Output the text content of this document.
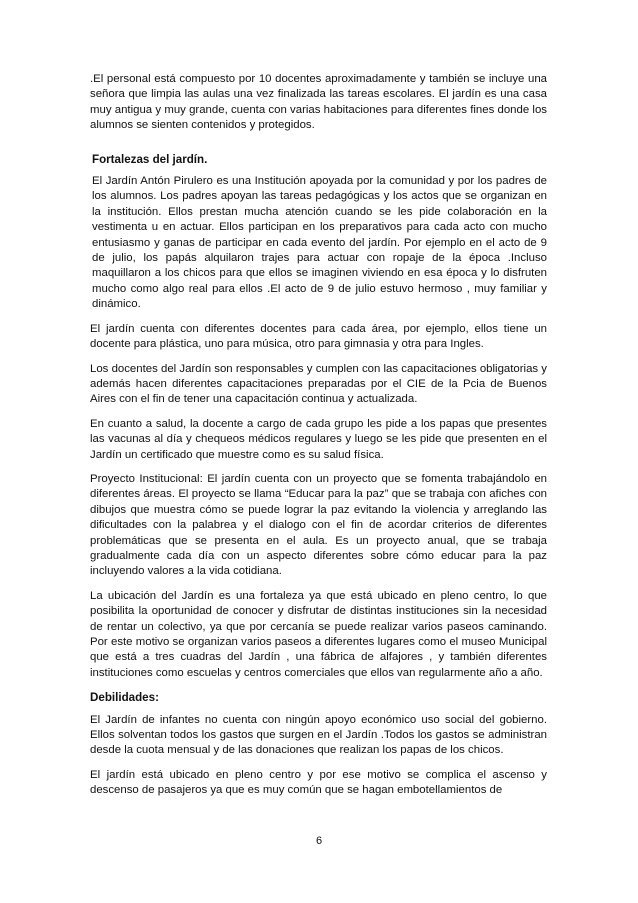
.El personal está compuesto por 10 docentes aproximadamente y también se incluye una señora que limpia las aulas una vez finalizada las tareas escolares. El jardín es una casa muy antigua y muy grande, cuenta con varias habitaciones para diferentes fines donde los alumnos se sienten contenidos y protegidos.

Fortalezas del jardín.

El Jardín Antón Pirulero es una Institución apoyada por la comunidad y por los padres de los alumnos. Los padres apoyan las tareas pedagógicas y los actos que se organizan en la institución. Ellos prestan mucha atención cuando se les pide colaboración en la vestimenta u en actuar. Ellos participan en los preparativos para cada acto con mucho entusiasmo y ganas de participar en cada evento del jardín. Por ejemplo en el acto de 9 de julio, los papás alquilaron trajes para actuar con ropaje de la época .Incluso maquillaron a los chicos para que ellos se imaginen viviendo en esa época y lo disfruten mucho como algo real para ellos .El acto de 9 de julio estuvo hermoso , muy familiar y dinámico.

El jardín cuenta con diferentes docentes para cada área, por ejemplo, ellos tiene un docente para plástica, uno para música, otro para gimnasia y otra para Ingles.

Los docentes del Jardín son responsables y cumplen con las capacitaciones obligatorias y además hacen diferentes capacitaciones preparadas por el CIE de la Pcia de Buenos Aires con el fin de tener una capacitación continua y actualizada.

En cuanto a salud, la docente a cargo de cada grupo les pide a los papas que presentes las vacunas al día y chequeos médicos regulares y luego se les pide que presenten en el Jardín un certificado que muestre como es su salud física.

Proyecto Institucional: El jardín cuenta con un proyecto que se fomenta trabajándolo en diferentes áreas. El proyecto se llama “Educar para la paz” que se trabaja con afiches con dibujos que muestra cómo se puede lograr la paz evitando la violencia y arreglando las dificultades con la palabrea y el dialogo con el fin de acordar criterios de diferentes problemáticas que se presenta en el aula. Es un proyecto anual, que se trabaja gradualmente cada día con un aspecto diferentes sobre cómo educar para la paz incluyendo valores a la vida cotidiana.

La ubicación del Jardín es una fortaleza ya que está ubicado en pleno centro, lo que posibilita la oportunidad de conocer y disfrutar de distintas instituciones sin la necesidad de rentar un colectivo, ya que por cercanía se puede realizar varios paseos caminando. Por este motivo se organizan varios paseos a diferentes lugares como el museo Municipal que está a tres cuadras del Jardín , una fábrica de alfajores , y también diferentes instituciones como escuelas y centros comerciales que ellos van regularmente año a año.

Debilidades:

El Jardín de infantes no cuenta con ningún apoyo económico uso social del gobierno. Ellos solventan todos los gastos que surgen en el Jardín .Todos los gastos se administran desde la cuota mensual y de las donaciones que realizan los papas de los chicos.

El jardín está ubicado en pleno centro y por ese motivo se complica el ascenso y descenso de pasajeros ya que es muy común que se hagan embotellamientos de

6
